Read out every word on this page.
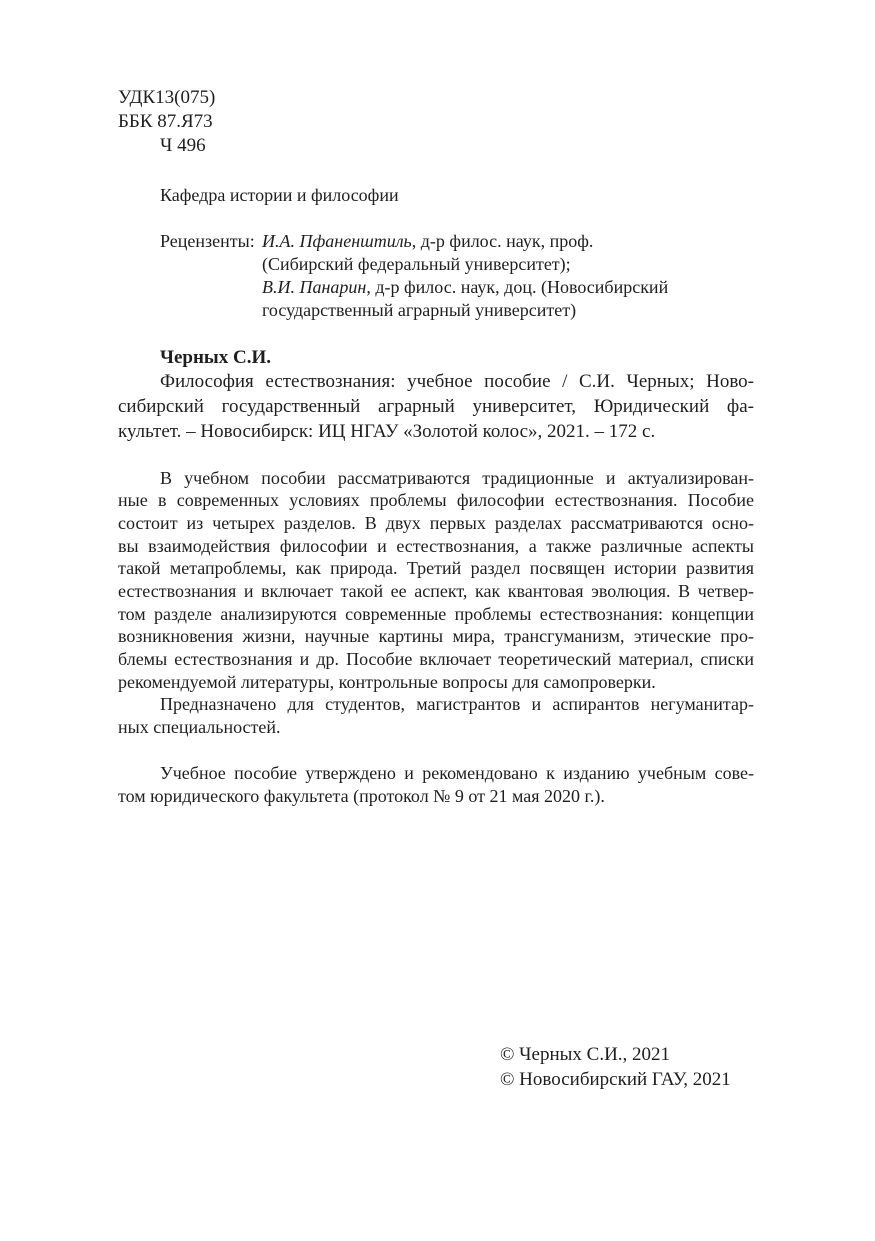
УДК13(075)
ББК 87.Я73
Ч 496
Кафедра истории и философии
Рецензенты: И.А. Пфаненштиль, д-р филос. наук, проф.
(Сибирский федеральный университет);
В.И. Панарин, д-р филос. наук, доц. (Новосибирский
государственный аграрный университет)
Черных С.И.
Философия естествознания: учебное пособие / С.И. Черных; Ново-
сибирский государственный аграрный университет, Юридический фа-
культет. – Новосибирск: ИЦ НГАУ «Золотой колос», 2021. – 172 с.
В учебном пособии рассматриваются традиционные и актуализирован-
ные в современных условиях проблемы философии естествознания. Пособие
состоит из четырех разделов. В двух первых разделах рассматриваются осно-
вы взаимодействия философии и естествознания, а также различные аспекты
такой метапроблемы, как природа. Третий раздел посвящен истории развития
естествознания и включает такой ее аспект, как квантовая эволюция. В четвер-
том разделе анализируются современные проблемы естествознания: концепции
возникновения жизни, научные картины мира, трансгуманизм, этические про-
блемы естествознания и др. Пособие включает теоретический материал, списки
рекомендуемой литературы, контрольные вопросы для самопроверки.
Предназначено для студентов, магистрантов и аспирантов негуманитар-
ных специальностей.
Учебное пособие утверждено и рекомендовано к изданию учебным сове-
том юридического факультета (протокол № 9 от 21 мая 2020 г.).
© Черных С.И., 2021
© Новосибирский ГАУ, 2021
